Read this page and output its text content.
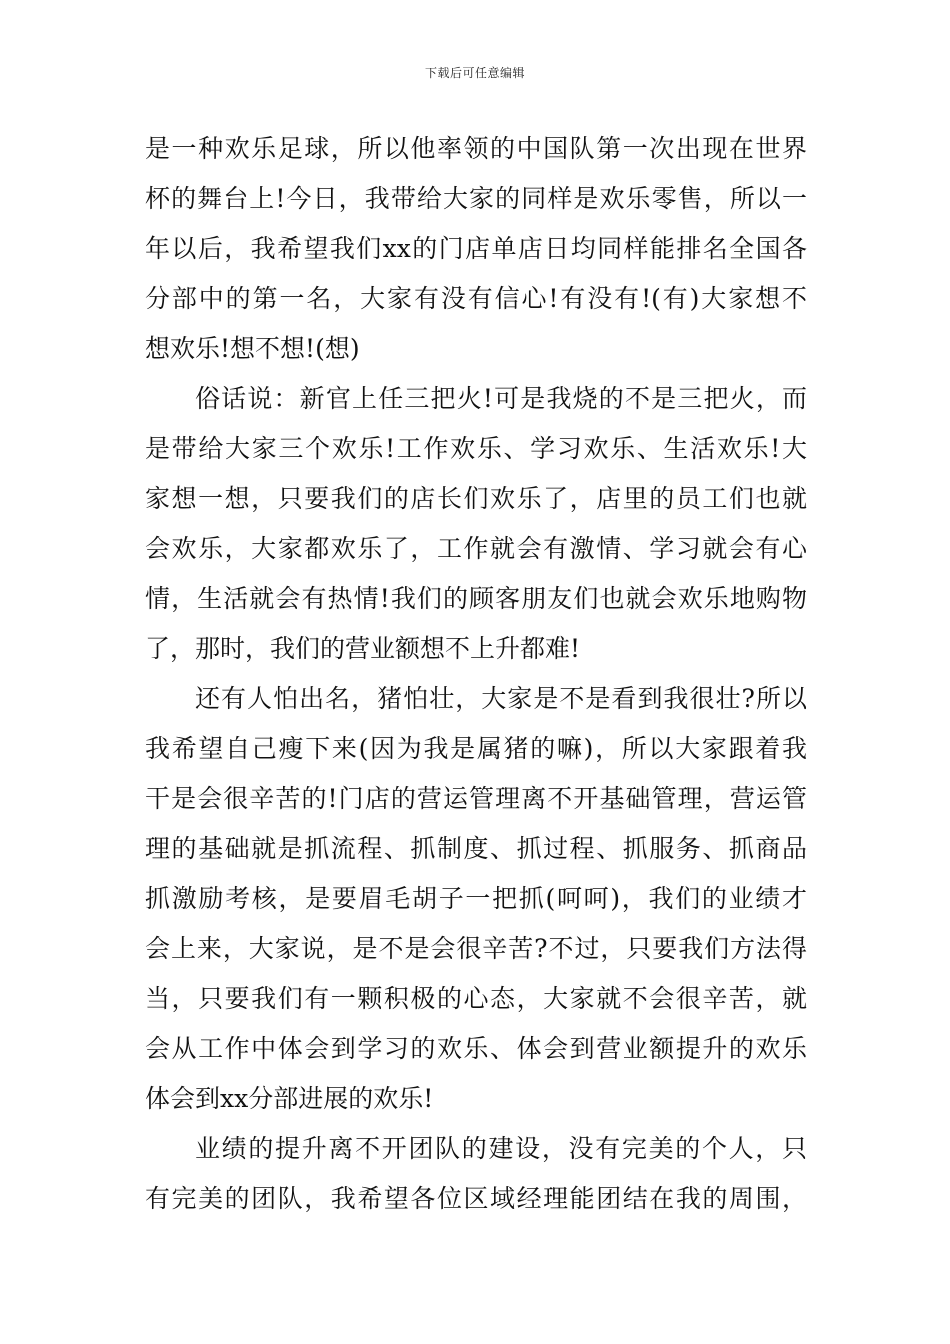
下载后可任意编辑
是一种欢乐足球，所以他率领的中国队第一次出现在世界
杯的舞台上!今日，我带给大家的同样是欢乐零售，所以一
年以后，我希望我们xx的门店单店日均同样能排名全国各
分部中的第一名，大家有没有信心!有没有!(有)大家想不
想欢乐!想不想!(想)
俗话说：新官上任三把火!可是我烧的不是三把火，而
是带给大家三个欢乐!工作欢乐、学习欢乐、生活欢乐!大
家想一想，只要我们的店长们欢乐了，店里的员工们也就
会欢乐，大家都欢乐了，工作就会有激情、学习就会有心
情，生活就会有热情!我们的顾客朋友们也就会欢乐地购物
了，那时，我们的营业额想不上升都难!
还有人怕出名，猪怕壮，大家是不是看到我很壮?所以
我希望自己瘦下来(因为我是属猪的嘛)，所以大家跟着我
干是会很辛苦的!门店的营运管理离不开基础管理，营运管
理的基础就是抓流程、抓制度、抓过程、抓服务、抓商品
抓激励考核，是要眉毛胡子一把抓(呵呵)，我们的业绩才
会上来，大家说，是不是会很辛苦?不过，只要我们方法得
当，只要我们有一颗积极的心态，大家就不会很辛苦，就
会从工作中体会到学习的欢乐、体会到营业额提升的欢乐
体会到xx分部进展的欢乐!
业绩的提升离不开团队的建设，没有完美的个人，只
有完美的团队，我希望各位区域经理能团结在我的周围，
